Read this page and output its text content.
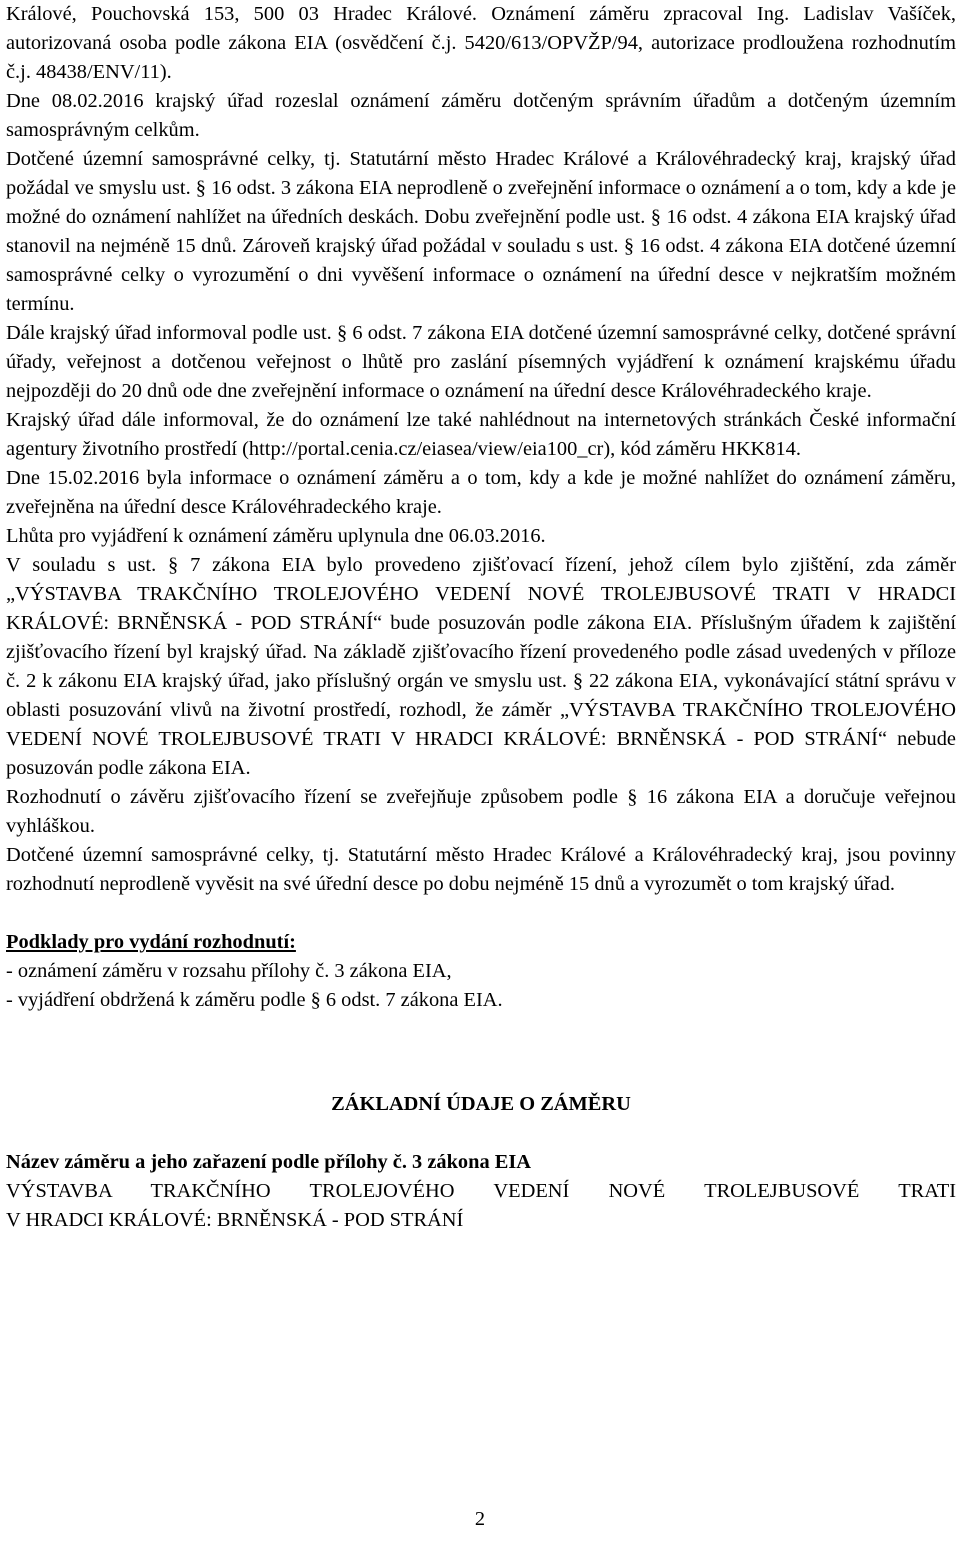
Králové, Pouchovská 153, 500 03 Hradec Králové. Oznámení záměru zpracoval Ing. Ladislav Vašíček, autorizovaná osoba podle zákona EIA (osvědčení č.j. 5420/613/OPVŽP/94, autorizace prodloužena rozhodnutím č.j. 48438/ENV/11).

Dne 08.02.2016 krajský úřad rozeslal oznámení záměru dotčeným správním úřadům a dotčeným územním samosprávným celkům.

Dotčené územní samosprávné celky, tj. Statutární město Hradec Králové a Královéhradecký kraj, krajský úřad požádal ve smyslu ust. § 16 odst. 3 zákona EIA neprodleně o zveřejnění informace o oznámení a o tom, kdy a kde je možné do oznámení nahlížet na úředních deskách. Dobu zveřejnění podle ust. § 16 odst. 4 zákona EIA krajský úřad stanovil na nejméně 15 dnů. Zároveň krajský úřad požádal v souladu s ust. § 16 odst. 4 zákona EIA dotčené územní samosprávné celky o vyrozumění o dni vyvěšení informace o oznámení na úřední desce v nejkratším možném termínu.

Dále krajský úřad informoval podle ust. § 6 odst. 7 zákona EIA dotčené územní samosprávné celky, dotčené správní úřady, veřejnost a dotčenou veřejnost o lhůtě pro zaslání písemných vyjádření k oznámení krajskému úřadu nejpozději do 20 dnů ode dne zveřejnění informace o oznámení na úřední desce Královéhradeckého kraje.

Krajský úřad dále informoval, že do oznámení lze také nahlédnout na internetových stránkách České informační agentury životního prostředí (http://portal.cenia.cz/eiasea/view/eia100_cr), kód záměru HKK814.

Dne 15.02.2016 byla informace o oznámení záměru a o tom, kdy a kde je možné nahlížet do oznámení záměru, zveřejněna na úřední desce Královéhradeckého kraje.

Lhůta pro vyjádření k oznámení záměru uplynula dne 06.03.2016.

V souladu s ust. § 7 zákona EIA bylo provedeno zjišťovací řízení, jehož cílem bylo zjištění, zda záměr „VÝSTAVBA TRAKČNÍHO TROLEJOVÉHO VEDENÍ NOVÉ TROLEJBUSOVÉ TRATI V HRADCI KRÁLOVÉ: BRNĚNSKÁ - POD STRÁNÍ“ bude posuzován podle zákona EIA. Příslušným úřadem k zajištění zjišťovacího řízení byl krajský úřad. Na základě zjišťovacího řízení provedeného podle zásad uvedených v příloze č. 2 k zákonu EIA krajský úřad, jako příslušný orgán ve smyslu ust. § 22 zákona EIA, vykonávající státní správu v oblasti posuzování vlivů na životní prostředí, rozhodl, že záměr „VÝSTAVBA TRAKČNÍHO TROLEJOVÉHO VEDENÍ NOVÉ TROLEJBUSOVÉ TRATI V HRADCI KRÁLOVÉ: BRNĚNSKÁ - POD STRÁNÍ“ nebude posuzován podle zákona EIA.

Rozhodnutí o závěru zjišťovacího řízení se zveřejňuje způsobem podle § 16 zákona EIA a doručuje veřejnou vyhláškou.

Dotčené územní samosprávné celky, tj. Statutární město Hradec Králové a Královéhradecký kraj, jsou povinny rozhodnutí neprodleně vyvěsit na své úřední desce po dobu nejméně 15 dnů a vyrozumět o tom krajský úřad.

Podklady pro vydání rozhodnutí:

- oznámení záměru v rozsahu přílohy č. 3 zákona EIA,

- vyjádření obdržená k záměru podle § 6 odst. 7 zákona EIA.

ZÁKLADNÍ ÚDAJE O ZÁMĚRU

Název záměru a jeho zařazení podle přílohy č. 3 zákona EIA

VÝSTAVBA TRAKČNÍHO TROLEJOVÉHO VEDENÍ NOVÉ TROLEJBUSOVÉ TRATI

V HRADCI KRÁLOVÉ: BRNĚNSKÁ - POD STRÁNÍ

2
